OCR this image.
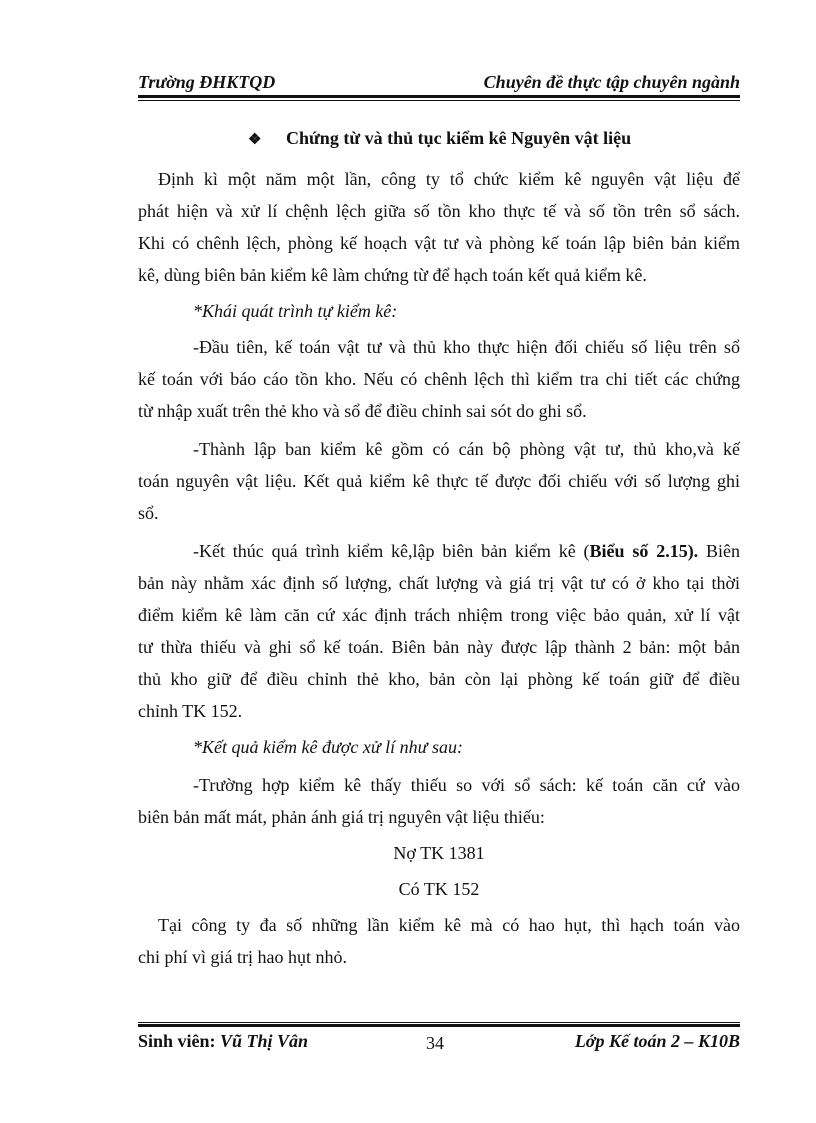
Trường ĐHKTQD	Chuyên đề thực tập chuyên ngành
❖ Chứng từ và thủ tục kiểm kê Nguyên vật liệu
Định kì một năm một lần, công ty tổ chức kiểm kê nguyên vật liệu để
phát hiện và xử lí chệnh lệch giữa số tồn kho thực tế và số tồn trên sổ sách.
Khi có chênh lệch, phòng kế hoạch vật tư và phòng kế toán lập biên bản kiểm
kê, dùng biên bản kiểm kê làm chứng từ để hạch toán kết quả kiểm kê.
*Khái quát trình tự kiểm kê:
-Đầu tiên, kế toán vật tư và thủ kho thực hiện đối chiếu số liệu trên sổ
kế toán với báo cáo tồn kho. Nếu có chênh lệch thì kiểm tra chi tiết các chứng
từ nhập xuất trên thẻ kho và sổ để điều chỉnh sai sót do ghi sổ.
-Thành lập ban kiểm kê gồm có cán bộ phòng vật tư, thủ kho,và kế
toán nguyên vật liệu. Kết quả kiểm kê thực tế được đối chiếu với số lượng ghi
sổ.
-Kết thúc quá trình kiểm kê,lập biên bản kiểm kê (Biểu số 2.15). Biên
bản này nhằm xác định số lượng, chất lượng và giá trị vật tư có ở kho tại thời
điểm kiểm kê làm căn cứ xác định trách nhiệm trong việc bảo quản, xử lí vật
tư thừa thiếu và ghi sổ kế toán. Biên bản này được lập thành 2 bản: một bản
thủ kho giữ để điều chỉnh thẻ kho, bản còn lại phòng kế toán giữ để điều
chỉnh TK 152.
*Kết quả kiểm kê được xử lí như sau:
-Trường hợp kiểm kê thấy thiếu so với sổ sách: kế toán căn cứ vào
biên bản mất mát, phản ánh giá trị nguyên vật liệu thiếu:
Nợ TK 1381
Có TK 152
Tại công ty đa số những lần kiểm kê mà có hao hụt, thì hạch toán vào
chi phí vì giá trị hao hụt nhỏ.
Sinh viên: Vũ Thị Vân	34	Lớp Kế toán 2 – K10B
